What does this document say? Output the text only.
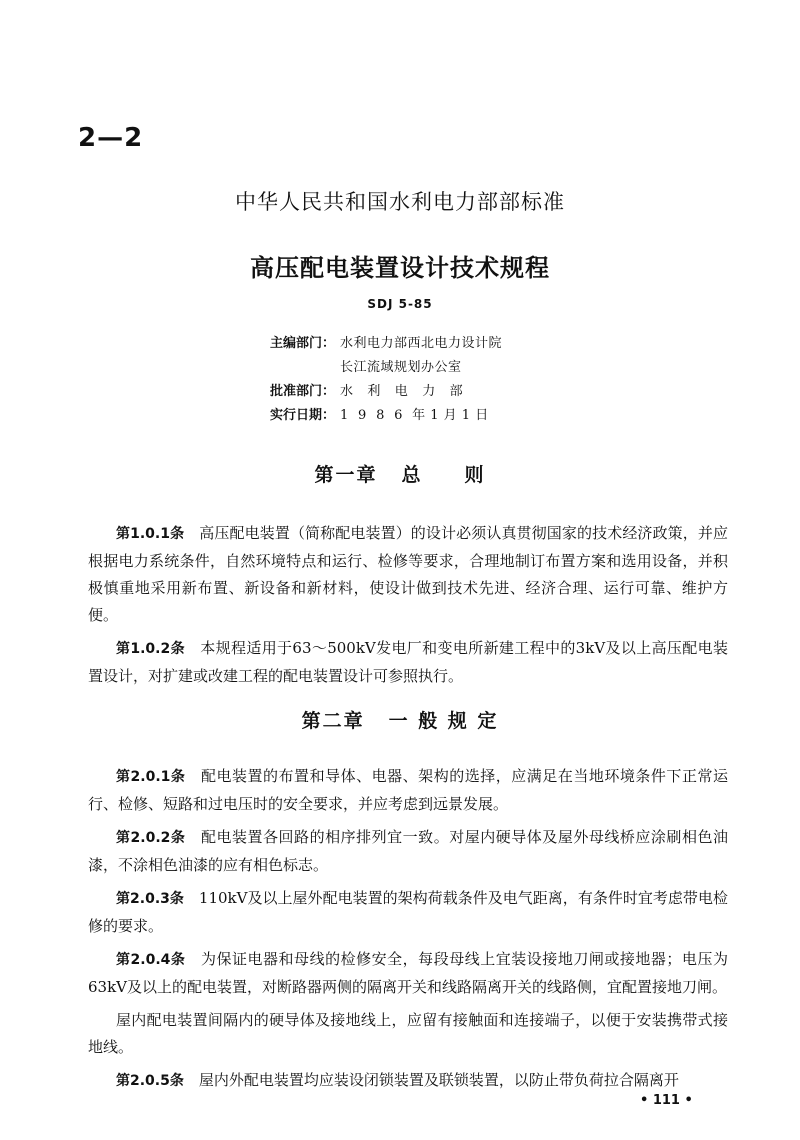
2—2
中华人民共和国水利电力部部标准
高压配电装置设计技术规程
SDJ 5-85
主编部门： 水利电力部西北电力设计院
长江流域规划办公室
批准部门： 水   利   电   力   部
实行日期： 1  9  8  6  年 1 月 1 日
第一章 总　　则

第1.0.1条　 高压配电装置（简称配电装置）的设计必须认真贯彻国家的技术经济政策，并应根据电力系统条件，自然环境特点和运行、检修等要求，合理地制订布置方案和选用设备，并积极慎重地采用新布置、新设备和新材料，使设计做到技术先进、经济合理、运行可靠、维护方便。

第1.0.2条　 本规程适用于63～500kV发电厂和变电所新建工程中的3kV及以上高压配电装置设计，对扩建或改建工程的配电装置设计可参照执行。

第二章 一 般 规 定

第2.0.1条　 配电装置的布置和导体、电器、架构的选择，应满足在当地环境条件下正常运行、检修、短路和过电压时的安全要求，并应考虑到远景发展。

第2.0.2条　 配电装置各回路的相序排列宜一致。对屋内硬导体及屋外母线桥应涂刷相色油漆，不涂相色油漆的应有相色标志。

第2.0.3条　 110kV及以上屋外配电装置的架构荷载条件及电气距离，有条件时宜考虑带电检修的要求。

第2.0.4条　 为保证电器和母线的检修安全，每段母线上宜装设接地刀闸或接地器；电压为63kV及以上的配电装置，对断路器两侧的隔离开关和线路隔离开关的线路侧，宜配置接地刀闸。

屋内配电装置间隔内的硬导体及接地线上，应留有接触面和连接端子，以便于安装携带式接地线。

第2.0.5条　 屋内外配电装置均应装设闭锁装置及联锁装置，以防止带负荷拉合隔离开

• 111 •
